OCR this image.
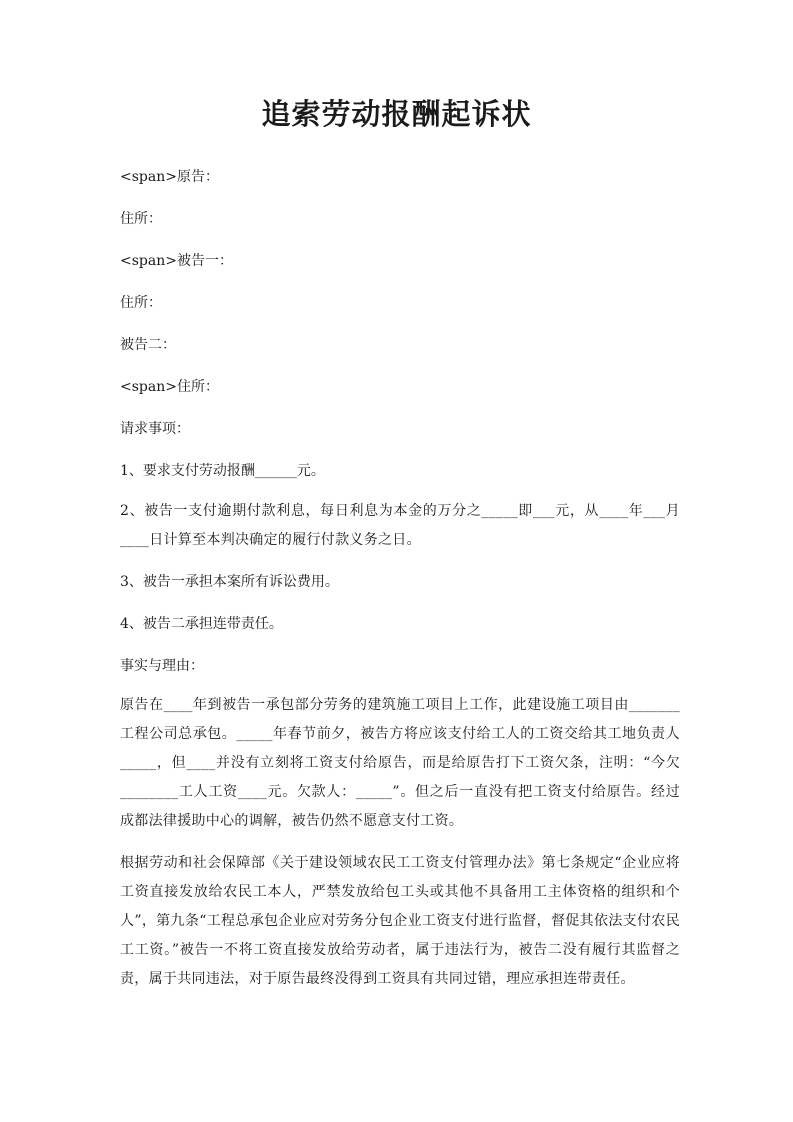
追索劳动报酬起诉状
<span>原告：
住所：
<span>被告一：
住所：
被告二：
<span>住所：
请求事项：
1、要求支付劳动报酬______元。
2、被告一支付逾期付款利息，每日利息为本金的万分之_____即___元，从____年___月____日计算至本判决确定的履行付款义务之日。
3、被告一承担本案所有诉讼费用。
4、被告二承担连带责任。
事实与理由：
原告在____年到被告一承包部分劳务的建筑施工项目上工作，此建设施工项目由_______工程公司总承包。_____年春节前夕，被告方将应该支付给工人的工资交给其工地负责人_____，但____并没有立刻将工资支付给原告，而是给原告打下工资欠条，注明：“今欠________工人工资____元。欠款人：_____”。但之后一直没有把工资支付给原告。经过成都法律援助中心的调解，被告仍然不愿意支付工资。
根据劳动和社会保障部《关于建设领域农民工工资支付管理办法》第七条规定“企业应将工资直接发放给农民工本人，严禁发放给包工头或其他不具备用工主体资格的组织和个人”，第九条“工程总承包企业应对劳务分包企业工资支付进行监督，督促其依法支付农民工工资。”被告一不将工资直接发放给劳动者，属于违法行为，被告二没有履行其监督之责，属于共同违法，对于原告最终没得到工资具有共同过错，理应承担连带责任。
